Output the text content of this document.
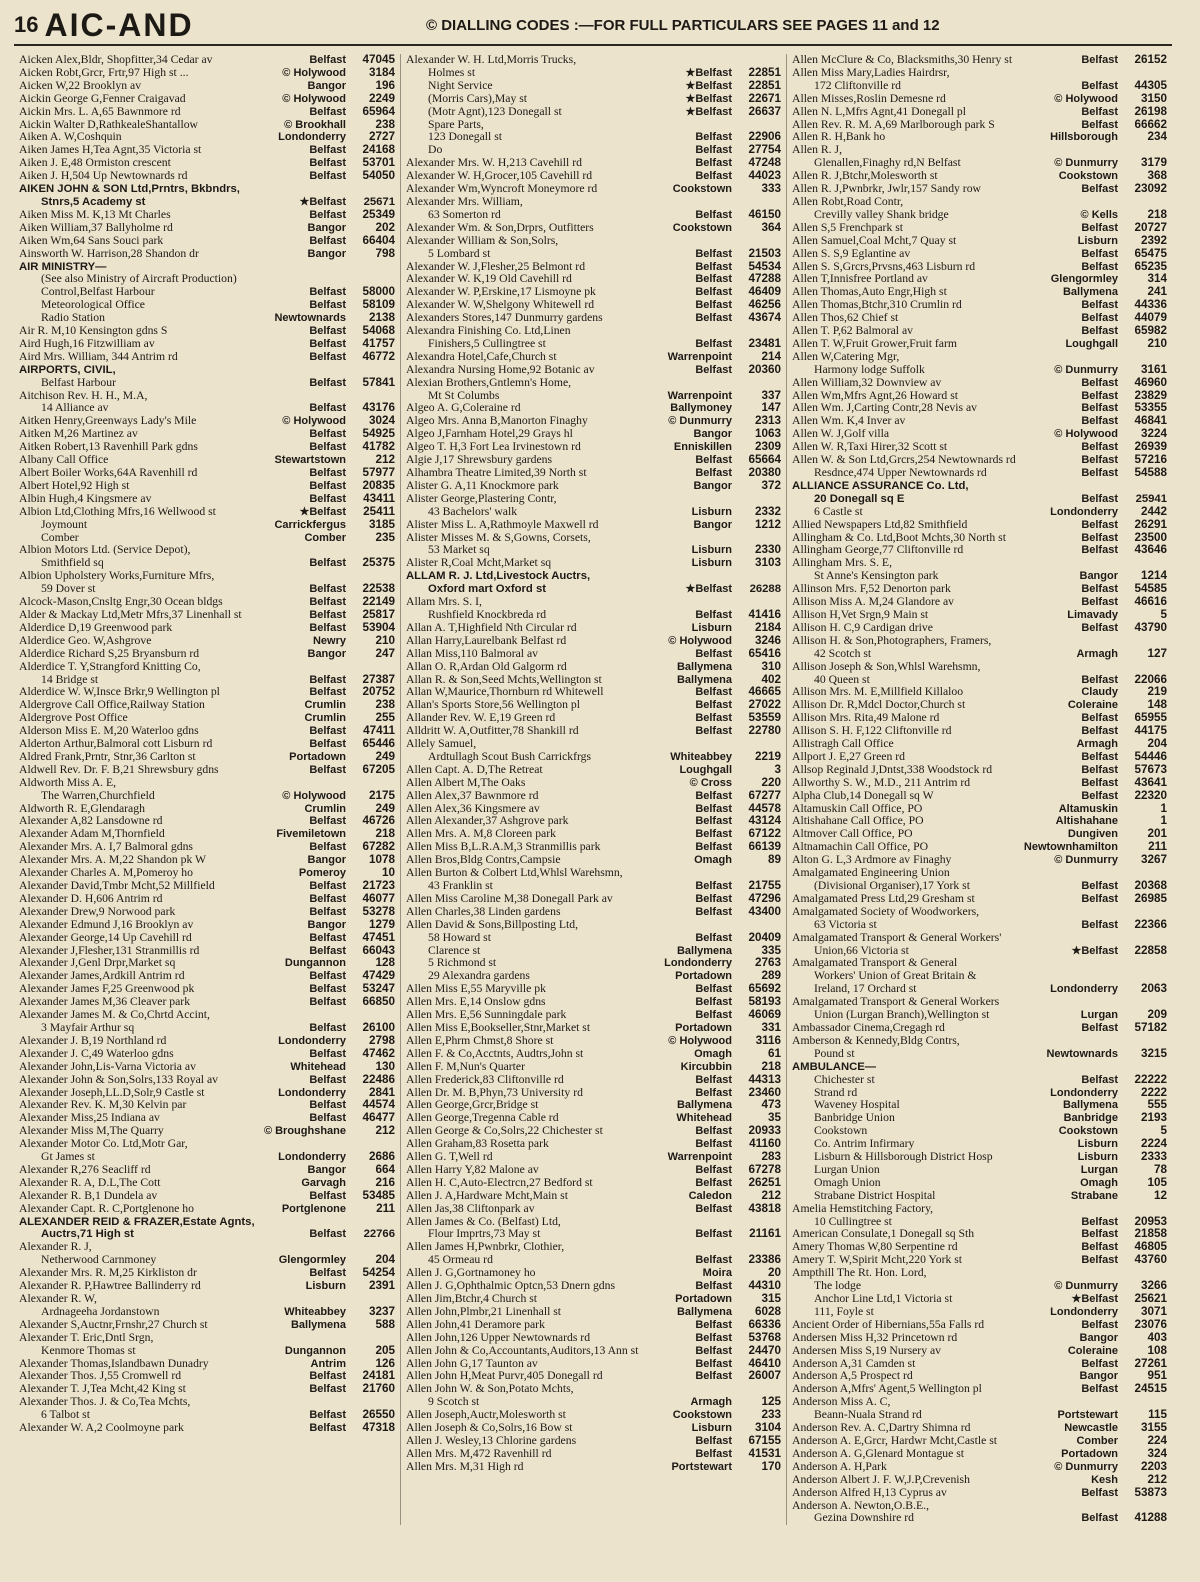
16 AIC-AND	© DIALLING CODES :—FOR FULL PARTICULARS SEE PAGES 11 and 12
Aicken Alex,Bldr, Shopfitter,34 Cedar av	Belfast	47045
Aicken Robt,Grcr, Frtr,97 High st ...	© Holywood	3184
Aicken W,22 Brooklyn av	Bangor	196
Aickin George G,Fenner Craigavad	© Holywood	2249
Aickin Mrs. L. A,65 Bawnmore rd	Belfast	65964
Aickin Walter D,RathkealeShantallow	© Brookhall	238
Aiken A. W,Coshquin	Londonderry	2727
Aiken James H,Tea Agnt,35 Victoria st	Belfast	24168
Aiken J. E,48 Ormiston crescent	Belfast	53701
Aiken J. H,504 Up Newtownards rd	Belfast	54050
AIKEN JOHN & SON Ltd,Prntrs, Bkbndrs,
Stnrs,5 Academy st	★Belfast	25671
Aiken Miss M. K,13 Mt Charles	Belfast	25349
Aiken William,37 Ballyholme rd	Bangor	202
Aiken Wm,64 Sans Souci park	Belfast	66404
Ainsworth W. Harrison,28 Shandon dr	Bangor	798
AIR MINISTRY—
(See also Ministry of Aircraft Production)
Control,Belfast Harbour	Belfast	58000
Meteorological Office	Belfast	58109
Radio Station	Newtownards	2138
Air R. M,10 Kensington gdns S	Belfast	54068
Aird Hugh,16 Fitzwilliam av	Belfast	41757
Aird Mrs. William, 344 Antrim rd	Belfast	46772
AIRPORTS, CIVIL,
Belfast Harbour	Belfast	57841
Aitchison Rev. H. H., M.A,
14 Alliance av	Belfast	43176
Aitken Henry,Greenways Lady's Mile	© Holywood	3024
Aitken M,26 Martinez av	Belfast	54925
Aitken Robert,13 Ravenhill Park gdns	Belfast	41782
Albany Call Office	Stewartstown	212
Albert Boiler Works,64A Ravenhill rd	Belfast	57977
Albert Hotel,92 High st	Belfast	20835
Albin Hugh,4 Kingsmere av	Belfast	43411
Albion Ltd,Clothing Mfrs,16 Wellwood st	★Belfast	25411
Joymount	Carrickfergus	3185
Comber	Comber	235
Albion Motors Ltd. (Service Depot),
Smithfield sq	Belfast	25375
Albion Upholstery Works,Furniture Mfrs,
59 Dover st	Belfast	22538
Alcock-Mason,Cnsltg Engr,30 Ocean bldgs	Belfast	22149
Alder & Mackay Ltd,Metr Mfrs,37 Linenhall st	Belfast	25817
Alderdice D,19 Greenwood park	Belfast	53904
Alderdice Geo. W,Ashgrove	Newry	210
Alderdice Richard S,25 Bryansburn rd	Bangor	247
Alderdice T. Y,Strangford Knitting Co,
14 Bridge st	Belfast	27387
Alderdice W. W,Insce Brkr,9 Wellington pl	Belfast	20752
Aldergrove Call Office,Railway Station	Crumlin	238
Aldergrove Post Office	Crumlin	255
Alderson Miss E. M,20 Waterloo gdns	Belfast	47411
Alderton Arthur,Balmoral cott Lisburn rd	Belfast	65446
Aldred Frank,Prntr, Stnr,36 Carlton st	Portadown	249
Aldwell Rev. Dr. F. B,21 Shrewsbury gdns	Belfast	67205
Aldworth Miss A. E,
The Warren,Churchfield	© Holywood	2175
Aldworth R. E,Glendaragh	Crumlin	249
Alexander A,82 Lansdowne rd	Belfast	46726
Alexander Adam M,Thornfield	Fivemiletown	218
Alexander Mrs. A. I,7 Balmoral gdns	Belfast	67282
Alexander Mrs. A. M,22 Shandon pk W	Bangor	1078
Alexander Charles A. M,Pomeroy ho	Pomeroy	10
Alexander David,Tmbr Mcht,52 Millfield	Belfast	21723
Alexander D. H,606 Antrim rd	Belfast	46077
Alexander Drew,9 Norwood park	Belfast	53278
Alexander Edmund J,16 Brooklyn av	Bangor	1279
Alexander George,14 Up Cavehill rd	Belfast	47451
Alexander J,Flesher,131 Stranmillis rd	Belfast	66043
Alexander J,Genl Drpr,Market sq	Dungannon	128
Alexander James,Ardkill Antrim rd	Belfast	47429
Alexander James F,25 Greenwood pk	Belfast	53247
Alexander James M,36 Cleaver park	Belfast	66850
Alexander James M. & Co,Chrtd Accint,
3 Mayfair Arthur sq	Belfast	26100
Alexander J. B,19 Northland rd	Londonderry	2798
Alexander J. C,49 Waterloo gdns	Belfast	47462
Alexander John,Lis-Varna Victoria av	Whitehead	130
Alexander John & Son,Solrs,133 Royal av	Belfast	22486
Alexander Joseph,LL.D,Solr,9 Castle st	Londonderry	2841
Alexander Rev. K. M,30 Kelvin par	Belfast	44574
Alexander Miss,25 Indiana av	Belfast	46477
Alexander Miss M,The Quarry	© Broughshane	212
Alexander Motor Co. Ltd,Motr Gar,
Gt James st	Londonderry	2686
Alexander R,276 Seacliff rd	Bangor	664
Alexander R. A, D.L,The Cott	Garvagh	216
Alexander R. B,1 Dundela av	Belfast	53485
Alexander Capt. R. C,Portglenone ho	Portglenone	211
ALEXANDER REID & FRAZER,Estate Agnts,
Auctrs,71 High st	Belfast	22766
Alexander R. J,
Netherwood Carnmoney	Glengormley	204
Alexander Mrs. R. M,25 Kirkliston dr	Belfast	54254
Alexander R. P,Hawtree Ballinderry rd	Lisburn	2391
Alexander R. W,
Ardnageeha Jordanstown	Whiteabbey	3237
Alexander S,Auctnr,Frnshr,27 Church st	Ballymena	588
Alexander T. Eric,Dntl Srgn,
Kenmore Thomas st	Dungannon	205
Alexander Thomas,Islandbawn Dunadry	Antrim	126
Alexander Thos. J,55 Cromwell rd	Belfast	24181
Alexander T. J,Tea Mcht,42 King st	Belfast	21760
Alexander Thos. J. & Co,Tea Mchts,
6 Talbot st	Belfast	26550
Alexander W. A,2 Coolmoyne park	Belfast	47318
Alexander W. H. Ltd,Morris Trucks,
Holmes st	★Belfast	22851
Night Service	★Belfast	22851
(Morris Cars),May st	★Belfast	22671
(Motr Agnt),123 Donegall st	★Belfast	26637
Spare Parts,
123 Donegall st	Belfast	22906
Do	Belfast	27754
Alexander Mrs. W. H,213 Cavehill rd	Belfast	47248
Alexander W. H,Grocer,105 Cavehill rd	Belfast	44023
Alexander Wm,Wyncroft Moneymore rd	Cookstown	333
Alexander Mrs. William,
63 Somerton rd	Belfast	46150
Alexander Wm. & Son,Drprs, Outfitters	Cookstown	364
Alexander William & Son,Solrs,
5 Lombard st	Belfast	21503
Alexander W. J,Flesher,25 Belmont rd	Belfast	54534
Alexander W. K,19 Old Cavehill rd	Belfast	47288
Alexander W. P,Erskine,17 Lismoyne pk	Belfast	46409
Alexander W. W,Shelgony Whitewell rd	Belfast	46256
Alexanders Stores,147 Dunmurry gardens	Belfast	43674
Alexandra Finishing Co. Ltd,Linen
Finishers,5 Cullingtree st	Belfast	23481
Alexandra Hotel,Cafe,Church st	Warrenpoint	214
Alexandra Nursing Home,92 Botanic av	Belfast	20360
Alexian Brothers,Gntlemn's Home,
Mt St Columbs	Warrenpoint	337
Algeo A. G,Coleraine rd	Ballymoney	147
Algeo Mrs. Anna B,Manorton Finaghy	© Dunmurry	2313
Algeo J,Farnham Hotel,29 Grays hl	Bangor	1063
Algeo T. H,3 Fort Lea Irvinestown rd	Enniskillen	2309
Algie J,17 Shrewsbury gardens	Belfast	65664
Alhambra Theatre Limited,39 North st	Belfast	20380
Alister G. A,11 Knockmore park	Bangor	372
Alister George,Plastering Contr,
43 Bachelors' walk	Lisburn	2332
Alister Miss L. A,Rathmoyle Maxwell rd	Bangor	1212
Alister Misses M. & S,Gowns, Corsets,
53 Market sq	Lisburn	2330
Alister R,Coal Mcht,Market sq	Lisburn	3103
ALLAM R. J. Ltd,Livestock Auctrs,
Oxford mart Oxford st	★Belfast	26288
Allam Mrs. S. I,
Rushfield Knockbreda rd	Belfast	41416
Allan A. T,Highfield Nth Circular rd	Lisburn	2184
Allan Harry,Laurelbank Belfast rd	© Holywood	3246
Allan Miss,110 Balmoral av	Belfast	65416
Allan O. R,Ardan Old Galgorm rd	Ballymena	310
Allan R. & Son,Seed Mchts,Wellington st	Ballymena	402
Allan W,Maurice,Thornburn rd Whitewell	Belfast	46665
Allan's Sports Store,56 Wellington pl	Belfast	27022
Allander Rev. W. E,19 Green rd	Belfast	53559
Alldritt W. A,Outfitter,78 Shankill rd	Belfast	22780
Allely Samuel,
Ardtullagh Scout Bush Carrickfrgs	Whiteabbey	2219
Allen Capt. A. D,The Retreat	Loughgall	3
Allen Albert M,The Oaks	© Cross	220
Allen Alex,37 Bawnmore rd	Belfast	67277
Allen Alex,36 Kingsmere av	Belfast	44578
Allen Alexander,37 Ashgrove park	Belfast	43124
Allen Mrs. A. M,8 Cloreen park	Belfast	67122
Allen Miss B,L.R.A.M,3 Stranmillis park	Belfast	66139
Allen Bros,Bldg Contrs,Campsie	Omagh	89
Allen Burton & Colbert Ltd,Whlsl Warehsmn,
43 Franklin st	Belfast	21755
Allen Miss Caroline M,38 Donegall Park av	Belfast	47296
Allen Charles,38 Linden gardens	Belfast	43400
Allen David & Sons,Billposting Ltd,
58 Howard st	Belfast	20409
Clarence st	Ballymena	335
5 Richmond st	Londonderry	2763
29 Alexandra gardens	Portadown	289
Allen Miss E,55 Maryville pk	Belfast	65692
Allen Mrs. E,14 Onslow gdns	Belfast	58193
Allen Mrs. E,56 Sunningdale park	Belfast	46069
Allen Miss E,Bookseller,Stnr,Market st	Portadown	331
Allen E,Phrm Chmst,8 Shore st	© Holywood	3116
Allen F. & Co,Acctnts, Audtrs,John st	Omagh	61
Allen F. M,Nun's Quarter	Kircubbin	218
Allen Frederick,83 Cliftonville rd	Belfast	44313
Allen Dr. M. B,Phyn,73 University rd	Belfast	23460
Allen George,Grcr,Bridge st	Ballymena	473
Allen George,Tregenna Cable rd	Whitehead	35
Allen George & Co,Solrs,22 Chichester st	Belfast	20933
Allen Graham,83 Rosetta park	Belfast	41160
Allen G. T,Well rd	Warrenpoint	283
Allen Harry Y,82 Malone av	Belfast	67278
Allen H. C,Auto-Electrcn,27 Bedford st	Belfast	26251
Allen J. A,Hardware Mcht,Main st	Caledon	212
Allen Jas,38 Cliftonpark av	Belfast	43818
Allen James & Co. (Belfast) Ltd,
Flour Imprtrs,73 May st	Belfast	21161
Allen James H,Pwnbrkr, Clothier,
45 Ormeau rd	Belfast	23386
Allen J. G,Gortnamoney ho	Moira	20
Allen J. G,Ophthalmic Optcn,53 Dnern gdns	Belfast	44310
Allen Jim,Btchr,4 Church st	Portadown	315
Allen John,Plmbr,21 Linenhall st	Ballymena	6028
Allen John,41 Deramore park	Belfast	66336
Allen John,126 Upper Newtownards rd	Belfast	53768
Allen John & Co,Accountants,Auditors,13 Ann st	Belfast	24470
Allen John G,17 Taunton av	Belfast	46410
Allen John H,Meat Purvr,405 Donegall rd	Belfast	26007
Allen John W. & Son,Potato Mchts,
9 Scotch st	Armagh	125
Allen Joseph,Auctr,Molesworth st	Cookstown	233
Allen Joseph & Co,Solrs,16 Bow st	Lisburn	3104
Allen J. Wesley,13 Chlorine gardens	Belfast	67155
Allen Mrs. M,472 Ravenhill rd	Belfast	41531
Allen Mrs. M,31 High rd	Portstewart	170
Allen McClure & Co, Blacksmiths,30 Henry st	Belfast	26152
Allen Miss Mary,Ladies Hairdrsr,
172 Cliftonville rd	Belfast	44305
Allen Misses,Roslin Demesne rd	© Holywood	3150
Allen N. L,Mfrs Agnt,41 Donegall pl	Belfast	26198
Allen Rev. R. M. A,69 Marlborough park S	Belfast	66662
Allen R. H,Bank ho	Hillsborough	234
Allen R. J,
Glenallen,Finaghy rd,N Belfast	© Dunmurry	3179
Allen R. J,Btchr,Molesworth st	Cookstown	368
Allen R. J,Pwnbrkr, Jwlr,157 Sandy row	Belfast	23092
Allen Robt,Road Contr,
Crevilly valley Shank bridge	© Kells	218
Allen S,5 Frenchpark st	Belfast	20727
Allen Samuel,Coal Mcht,7 Quay st	Lisburn	2392
Allen S. S,9 Eglantine av	Belfast	65475
Allen S. S,Grcrs,Prvsns,463 Lisburn rd	Belfast	65235
Allen T,Innisfree Portland av	Glengormley	314
Allen Thomas,Auto Engr,High st	Ballymena	241
Allen Thomas,Btchr,310 Crumlin rd	Belfast	44336
Allen Thos,62 Chief st	Belfast	44079
Allen T. P,62 Balmoral av	Belfast	65982
Allen T. W,Fruit Grower,Fruit farm	Loughgall	210
Allen W,Catering Mgr,
Harmony lodge Suffolk	© Dunmurry	3161
Allen William,32 Downview av	Belfast	46960
Allen Wm,Mfrs Agnt,26 Howard st	Belfast	23829
Allen Wm. J,Carting Contr,28 Nevis av	Belfast	53355
Allen Wm. K,4 Inver av	Belfast	46841
Allen W. J,Golf villa	© Holywood	3224
Allen W. R,Taxi Hirer,32 Scott st	Belfast	26939
Allen W. & Son Ltd,Grcrs,254 Newtownards rd	Belfast	57216
Resdnce,474 Upper Newtownards rd	Belfast	54588
ALLIANCE ASSURANCE Co. Ltd,
20 Donegall sq E	Belfast	25941
6 Castle st	Londonderry	2442
Allied Newspapers Ltd,82 Smithfield	Belfast	26291
Allingham & Co. Ltd,Boot Mchts,30 North st	Belfast	23500
Allingham George,77 Cliftonville rd	Belfast	43646
Allingham Mrs. S. E,
St Anne's Kensington park	Bangor	1214
Allinson Mrs. F,52 Denorton park	Belfast	54585
Allison Miss A. M,24 Glandore av	Belfast	46616
Allison H,Vet Srgn,9 Main st	Limavady	5
Allison H. C,9 Cardigan drive	Belfast	43790
Allison H. & Son,Photographers, Framers,
42 Scotch st	Armagh	127
Allison Joseph & Son,Whlsl Warehsmn,
40 Queen st	Belfast	22066
Allison Mrs. M. E,Millfield Killaloo	Claudy	219
Allison Dr. R,Mdcl Doctor,Church st	Coleraine	148
Allison Mrs. Rita,49 Malone rd	Belfast	65955
Allison S. H. F,122 Cliftonville rd	Belfast	44175
Allistragh Call Office	Armagh	204
Allport J. E,27 Green rd	Belfast	54446
Allsop Reginald J,Dntst,338 Woodstock rd	Belfast	57673
Allworthy S. W., M.D., 211 Antrim rd	Belfast	43641
Alpha Club,14 Donegall sq W	Belfast	22320
Altamuskin Call Office, PO	Altamuskin	1
Altishahane Call Office, PO	Altishahane	1
Altmover Call Office, PO	Dungiven	201
Altnamachin Call Office, PO	Newtownhamilton	211
Alton G. L,3 Ardmore av Finaghy	© Dunmurry	3267
Amalgamated Engineering Union
(Divisional Organiser),17 York st	Belfast	20368
Amalgamated Press Ltd,29 Gresham st	Belfast	26985
Amalgamated Society of Woodworkers,
63 Victoria st	Belfast	22366
Amalgamated Transport & General Workers'
Union,66 Victoria st	★Belfast	22858
Amalgamated Transport & General
Workers' Union of Great Britain &
Ireland, 17 Orchard st	Londonderry	2063
Amalgamated Transport & General Workers
Union (Lurgan Branch),Wellington st	Lurgan	209
Ambassador Cinema,Cregagh rd	Belfast	57182
Amberson & Kennedy,Bldg Contrs,
Pound st	Newtownards	3215
AMBULANCE—
Chichester st	Belfast	22222
Strand rd	Londonderry	2222
Waveney Hospital	Ballymena	555
Banbridge Union	Banbridge	2193
Cookstown	Cookstown	5
Co. Antrim Infirmary	Lisburn	2224
Lisburn & Hillsborough District Hosp	Lisburn	2333
Lurgan Union	Lurgan	78
Omagh Union	Omagh	105
Strabane District Hospital	Strabane	12
Amelia Hemstitching Factory,
10 Cullingtree st	Belfast	20953
American Consulate,1 Donegall sq Sth	Belfast	21858
Amery Thomas W,80 Serpentine rd	Belfast	46805
Amery T. W,Spirit Mcht,220 York st	Belfast	43760
Ampthill The Rt. Hon. Lord,
The lodge	© Dunmurry	3266
Anchor Line Ltd,1 Victoria st	★Belfast	25621
111, Foyle st	Londonderry	3071
Ancient Order of Hibernians,55a Falls rd	Belfast	23076
Andersen Miss H,32 Princetown rd	Bangor	403
Andersen Miss S,19 Nursery av	Coleraine	108
Anderson A,31 Camden st	Belfast	27261
Anderson A,5 Prospect rd	Bangor	951
Anderson A,Mfrs' Agent,5 Wellington pl	Belfast	24515
Anderson Miss A. C,
Beann-Nuala Strand rd	Portstewart	115
Anderson Rev. A. C,Dartry Shimna rd	Newcastle	3155
Anderson A. E,Grcr, Hardwr Mcht,Castle st	Comber	224
Anderson A. G,Glenard Montague st	Portadown	324
Anderson A. H,Park	© Dunmurry	2203
Anderson Albert J. F. W,J.P,Crevenish	Kesh	212
Anderson Alfred H,13 Cyprus av	Belfast	53873
Anderson A. Newton,O.B.E.,
Gezina Downshire rd	Belfast	41288
